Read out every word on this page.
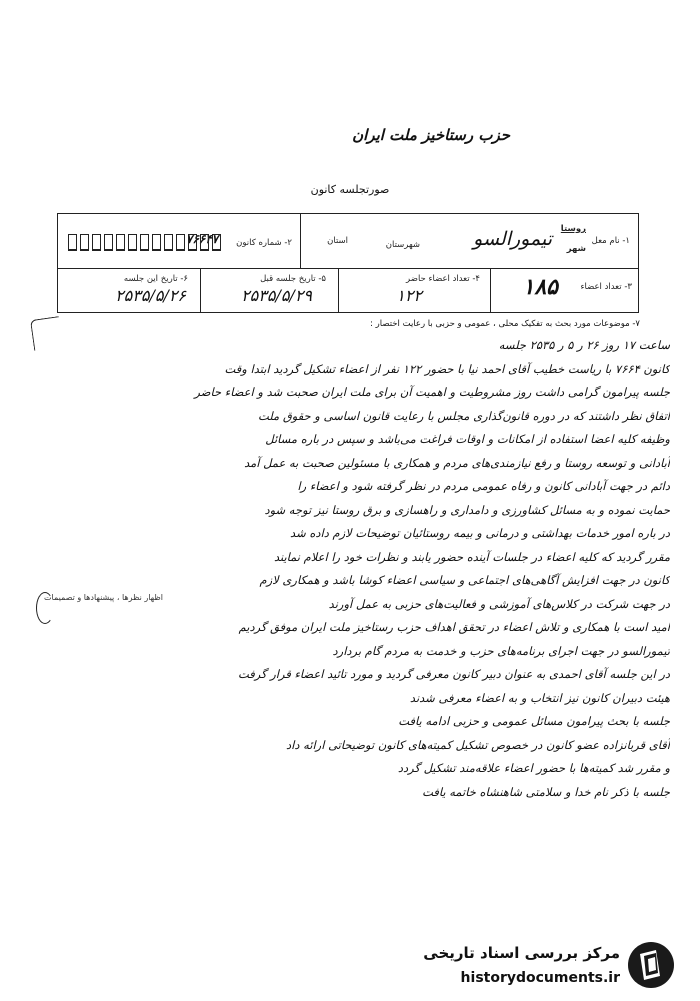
حزب رستاخیز ملت ایران
صورتجلسه کانون
۱- نام معل
روستا
شهر
تیمورالسو
شهرستان
استان
۲- شماره کانون
۷۶۶۴۷
۳- تعداد اعضاء
۱۸۵
۴- تعداد اعضاء حاضر
۱۲۲
۵- تاریخ جلسه قبل
۲۵۳۵/۵/۲۹
۶- تاریخ این جلسه
۲۵۳۵/۵/۲۶
۷- موضوعات مورد بحث به تفکیک محلی ، عمومی و حزبی با رعایت اختصار :
ساعت ۱۷ روز ۲۶ ر ۵ ر ۲۵۳۵ جلسه
کانون ۷۶۶۴ با ریاست خطیب آقای احمد نیا با حضور ۱۲۲ نفر از اعضاء تشکیل گردید ابتدا وقت
جلسه پیرامون گرامی داشت روز مشروطیت و اهمیت آن برای ملت ایران صحبت شد و اعضاء حاضر
اتفاق نظر داشتند که در دوره قانون‌گذاری مجلس با رعایت قانون اساسی و حقوق ملت
وظیفه کلیه اعضا استفاده از امکانات و اوقات فراغت می‌باشد و سپس در باره مسائل
آبادانی و توسعه روستا و رفع نیازمندی‌های مردم و همکاری با مسئولین صحبت به عمل آمد
دائم در جهت آبادانی کانون و رفاه عمومی مردم در نظر گرفته شود و اعضاء را
حمایت نموده و به مسائل کشاورزی و دامداری و راهسازی و برق روستا نیز توجه شود
در باره امور خدمات بهداشتی و درمانی و بیمه روستائیان توضیحات لازم داده شد
مقرر گردید که کلیه اعضاء در جلسات آینده حضور یابند و نظرات خود را اعلام نمایند
کانون در جهت افزایش آگاهی‌های اجتماعی و سیاسی اعضاء کوشا باشد و همکاری لازم
در جهت شرکت در کلاس‌های آموزشی و فعالیت‌های حزبی به عمل آورند
امید است با همکاری و تلاش اعضاء در تحقق اهداف حزب رستاخیز ملت ایران موفق گردیم
تیمورالسو در جهت اجرای برنامه‌های حزب و خدمت به مردم گام بردارد
در این جلسه آقای احمدی به عنوان دبیر کانون معرفی گردید و مورد تائید اعضاء قرار گرفت
هیئت دبیران کانون نیز انتخاب و به اعضاء معرفی شدند
جلسه با بحث پیرامون مسائل عمومی و حزبی ادامه یافت
آقای قربانزاده عضو کانون در خصوص تشکیل کمیته‌های کانون توضیحاتی ارائه داد
و مقرر شد کمیته‌ها با حضور اعضاء علاقه‌مند تشکیل گردد
جلسه با ذکر نام خدا و سلامتی شاهنشاه خاتمه یافت
اظهار نظرها ، پیشنهادها و تصمیمات
مرکز بررسی اسناد تاریخی
historydocuments.ir
